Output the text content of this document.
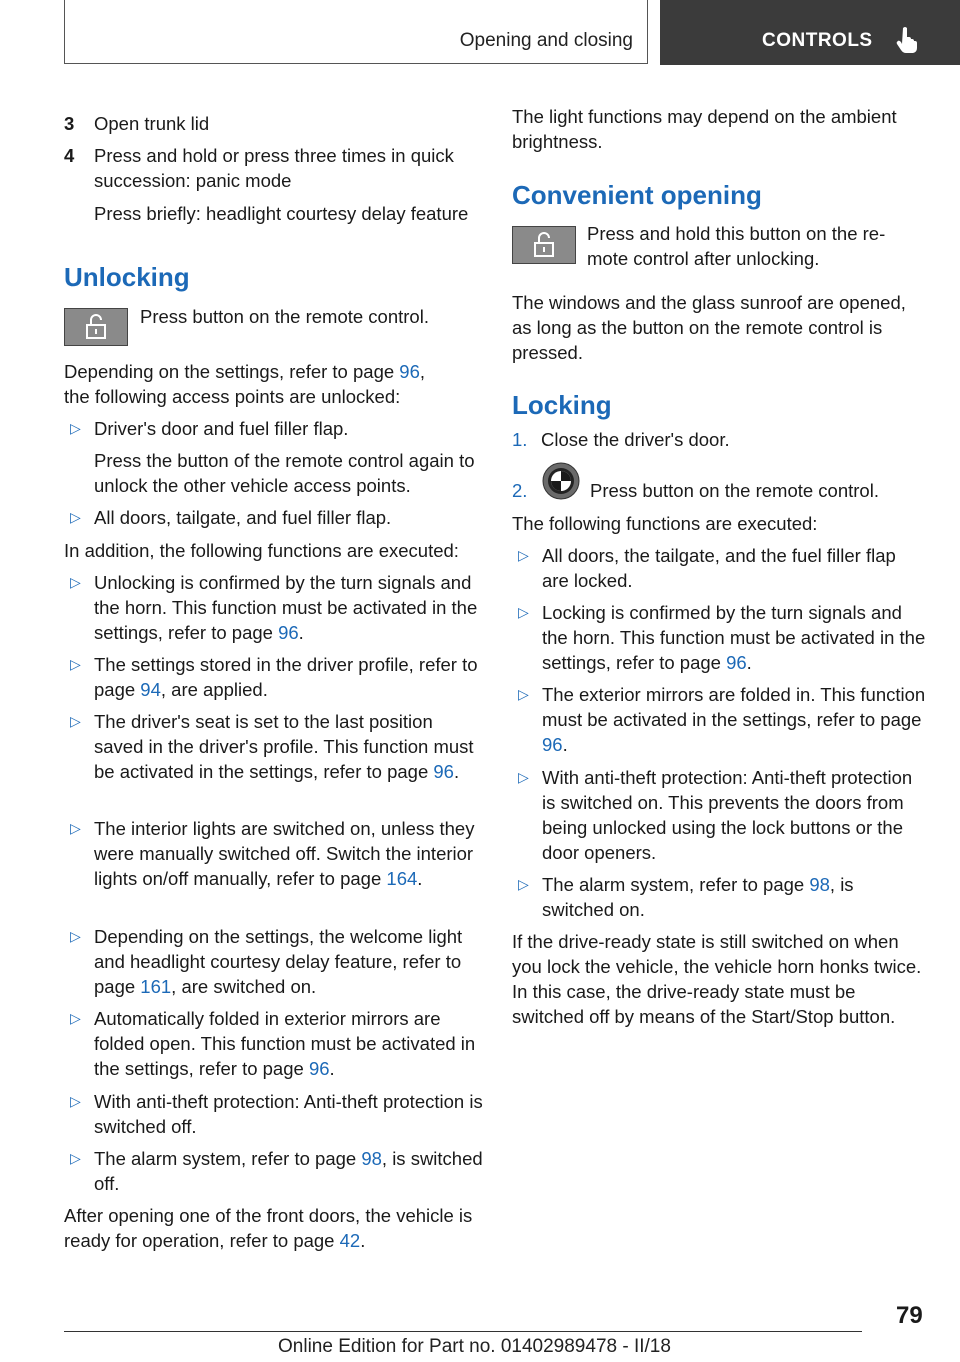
Opening and closing	CONTROLS
3 Open trunk lid
4 Press and hold or press three times in quick succession: panic mode
Press briefly: headlight courtesy delay feature
Unlocking
Press button on the remote control.
Depending on the settings, refer to page 96, the following access points are unlocked:
▷ Driver's door and fuel filler flap.
Press the button of the remote control again to unlock the other vehicle access points.
▷ All doors, tailgate, and fuel filler flap.
In addition, the following functions are executed:
▷ Unlocking is confirmed by the turn signals and the horn. This function must be activated in the settings, refer to page 96.
▷ The settings stored in the driver profile, refer to page 94, are applied.
▷ The driver's seat is set to the last position saved in the driver's profile. This function must be activated in the settings, refer to page 96.
▷ The interior lights are switched on, unless they were manually switched off. Switch the interior lights on/off manually, refer to page 164.
▷ Depending on the settings, the welcome light and headlight courtesy delay feature, refer to page 161, are switched on.
▷ Automatically folded in exterior mirrors are folded open. This function must be activated in the settings, refer to page 96.
▷ With anti-theft protection: Anti-theft protection is switched off.
▷ The alarm system, refer to page 98, is switched off.
After opening one of the front doors, the vehicle is ready for operation, refer to page 42.
The light functions may depend on the ambient brightness.
Convenient opening
Press and hold this button on the remote control after unlocking.
The windows and the glass sunroof are opened, as long as the button on the remote control is pressed.
Locking
1. Close the driver's door.
2.	Press button on the remote control.
The following functions are executed:
▷ All doors, the tailgate, and the fuel filler flap are locked.
▷ Locking is confirmed by the turn signals and the horn. This function must be activated in the settings, refer to page 96.
▷ The exterior mirrors are folded in. This function must be activated in the settings, refer to page 96.
▷ With anti-theft protection: Anti-theft protection is switched on. This prevents the doors from being unlocked using the lock buttons or the door openers.
▷ The alarm system, refer to page 98, is switched on.
If the drive-ready state is still switched on when you lock the vehicle, the vehicle horn honks twice. In this case, the drive-ready state must be switched off by means of the Start/Stop button.
79
Online Edition for Part no. 01402989478 - II/18
